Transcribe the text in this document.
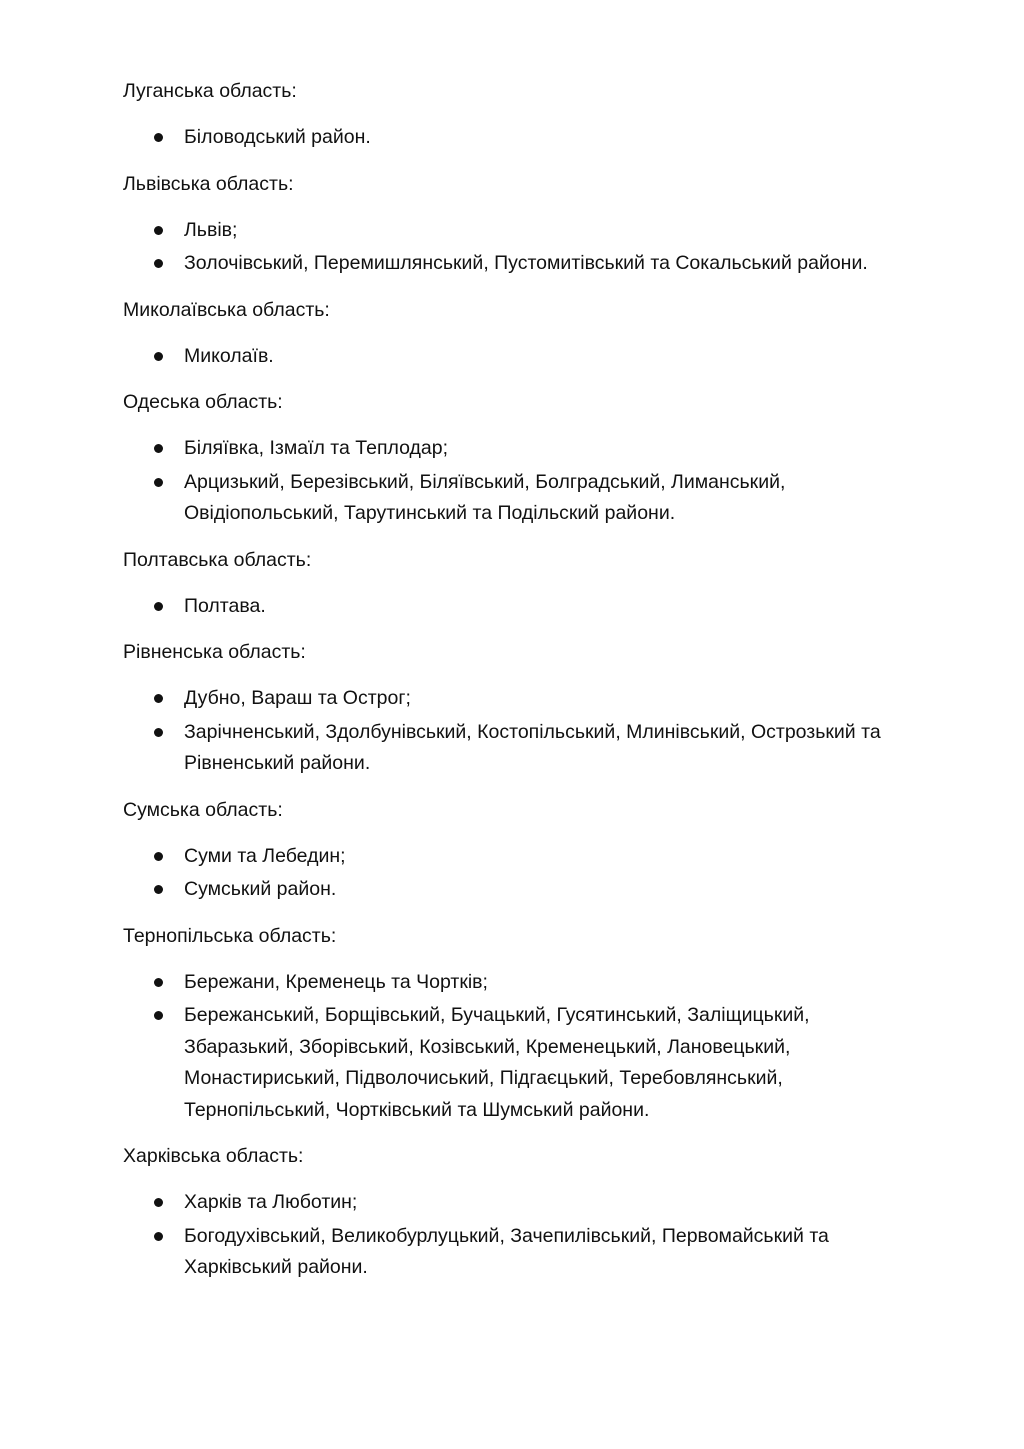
Луганська область:

Біловодський район.

Львівська область:

Львів;
Золочівський, Перемишлянський, Пустомитівський та Сокальський райони.

Миколаївська область:

Миколаїв.

Одеська область:

Біляївка, Ізмаїл та Теплодар;
Арцизький, Березівський, Біляївський, Болградський, Лиманський, Овідіопольський, Тарутинський та Подільский райони.

Полтавська область:

Полтава.

Рівненська область:

Дубно, Вараш та Острог;
Зарічненський, Здолбунівський, Костопільський, Млинівський, Острозький та Рівненський райони.

Сумська область:

Суми та Лебедин;
Сумський район.

Тернопільська область:

Бережани, Кременець та Чортків;
Бережанський, Борщівський, Бучацький, Гусятинський, Заліщицький, Збаразький, Зборівський, Козівський, Кременецький, Лановецький, Монастириський, Підволочиський, Підгаєцький, Теребовлянський, Тернопільський, Чортківський та Шумський райони.

Харківська область:

Харків та Люботин;
Богодухівський, Великобурлуцький, Зачепилівський, Первомайський та Харківський райони.
